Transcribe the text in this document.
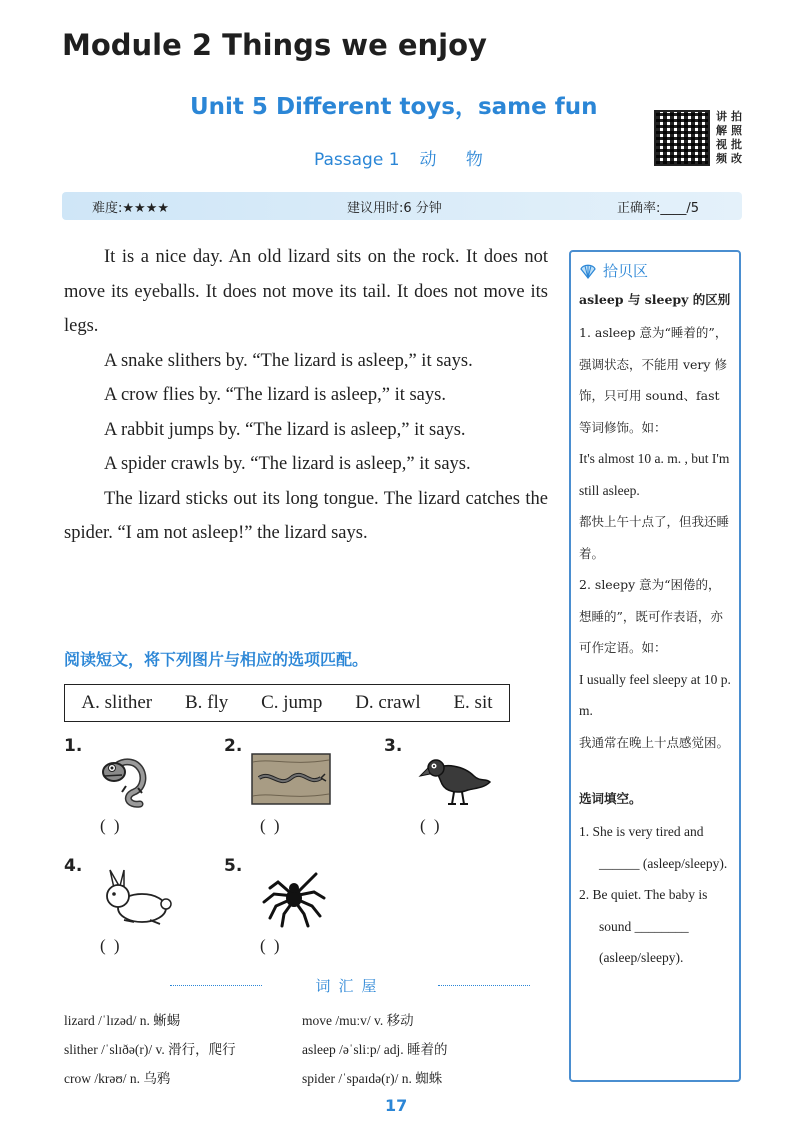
Module 2 Things we enjoy
Unit 5 Different toys，same fun
Passage 1 动 物
讲 拍
解 照
视 批
频 改
难度:★★★★	建议用时:6 分钟	正确率:____/5

It is a nice day. An old lizard sits on the rock. It does not move its eyeballs. It does not move its tail. It does not move its legs.

A snake slithers by. “The lizard is asleep,” it says.

A crow flies by. “The lizard is asleep,” it says.

A rabbit jumps by. “The lizard is asleep,” it says.

A spider crawls by. “The lizard is asleep,” it says.

The lizard sticks out its long tongue. The lizard catches the spider. “I am not asleep!” the lizard says.

阅读短文，将下列图片与相应的选项匹配。
A. slither B. fly C. jump D. crawl E. sit
1.
( )
2.
( )
3.
( )
4.
( )
5.
( )
词汇屋
lizard /ˈlɪzəd/ n. 蜥蜴	move /muːv/ v. 移动
slither /ˈslɪðə(r)/ v. 滑行，爬行	asleep /əˈsliːp/ adj. 睡着的
crow /krəʊ/ n. 乌鸦	spider /ˈspaɪdə(r)/ n. 蜘蛛
17
拾贝区
asleep 与 sleepy 的区别
1. asleep 意为“睡着的”，强调状态，不能用 very 修饰，只可用 sound、fast 等词修饰。如：
It's almost 10 a. m. , but I'm still asleep.
都快上午十点了，但我还睡着。
2. sleepy 意为“困倦的，想睡的”，既可作表语，亦可作定语。如：
I usually feel sleepy at 10 p. m.
我通常在晚上十点感觉困。
选词填空。
1. She is very tired and ______ (asleep/sleepy).
2. Be quiet. The baby is sound ________ (asleep/sleepy).
